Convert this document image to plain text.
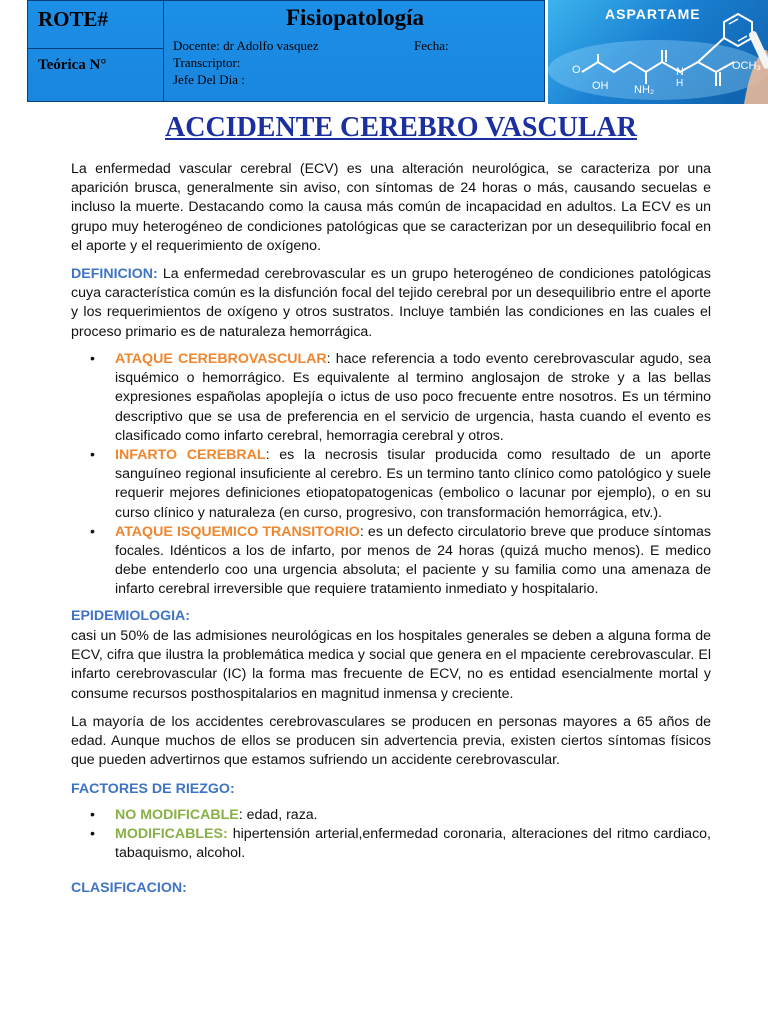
ROTE#
Teórica N°
Fisiopatología
Docente: dr Adolfo vasquez	Fecha:
Transcriptor:
Jefe Del Dia :
ASPARTAME
O
OH NH₂
N
H
OCH₃
ACCIDENTE CEREBRO VASCULAR

La enfermedad vascular cerebral (ECV) es una alteración neurológica, se caracteriza por una aparición brusca, generalmente sin aviso, con síntomas de 24 horas o más, causando secuelas e incluso la muerte. Destacando como la causa más común de incapacidad en adultos. La ECV es un grupo muy heterogéneo de condiciones patológicas que se caracterizan por un desequilibrio focal en el aporte y el requerimiento de oxígeno.

DEFINICION: La enfermedad cerebrovascular es un grupo heterogéneo de condiciones patológicas cuya característica común es la disfunción focal del tejido cerebral por un desequilibrio entre el aporte y los requerimientos de oxígeno y otros sustratos. Incluye también las condiciones en las cuales el proceso primario es de naturaleza hemorrágica.

• ATAQUE CEREBROVASCULAR: hace referencia a todo evento cerebrovascular agudo, sea isquémico o hemorrágico. Es equivalente al termino anglosajon de stroke y a las bellas expresiones españolas apoplejía o ictus de uso poco frecuente entre nosotros. Es un término descriptivo que se usa de preferencia en el servicio de urgencia, hasta cuando el evento es clasificado como infarto cerebral, hemorragia cerebral y otros.
• INFARTO CEREBRAL: es la necrosis tisular producida como resultado de un aporte sanguíneo regional insuficiente al cerebro. Es un termino tanto clínico como patológico y suele requerir mejores definiciones etiopatopatogenicas (embolico o lacunar por ejemplo), o en su curso clínico y naturaleza (en curso, progresivo, con transformación hemorrágica, etv.).
• ATAQUE ISQUEMICO TRANSITORIO: es un defecto circulatorio breve que produce síntomas focales. Idénticos a los de infarto, por menos de 24 horas (quizá mucho menos). E medico debe entenderlo coo una urgencia absoluta; el paciente y su familia como una amenaza de infarto cerebral irreversible que requiere tratamiento inmediato y hospitalario.
EPIDEMIOLOGIA:

casi un 50% de las admisiones neurológicas en los hospitales generales se deben a alguna forma de ECV, cifra que ilustra la problemática medica y social que genera en el mpaciente cerebrovascular. El infarto cerebrovascular (IC) la forma mas frecuente de ECV, no es entidad esencialmente mortal y consume recursos posthospitalarios en magnitud inmensa y creciente.

La mayoría de los accidentes cerebrovasculares se producen en personas mayores a 65 años de edad. Aunque muchos de ellos se producen sin advertencia previa, existen ciertos síntomas físicos que pueden advertirnos que estamos sufriendo un accidente cerebrovascular.

FACTORES DE RIEZGO:
• NO MODIFICABLE: edad, raza.
• MODIFICABLES: hipertensión arterial,enfermedad coronaria, alteraciones del ritmo cardiaco, tabaquismo, alcohol.
CLASIFICACION:
